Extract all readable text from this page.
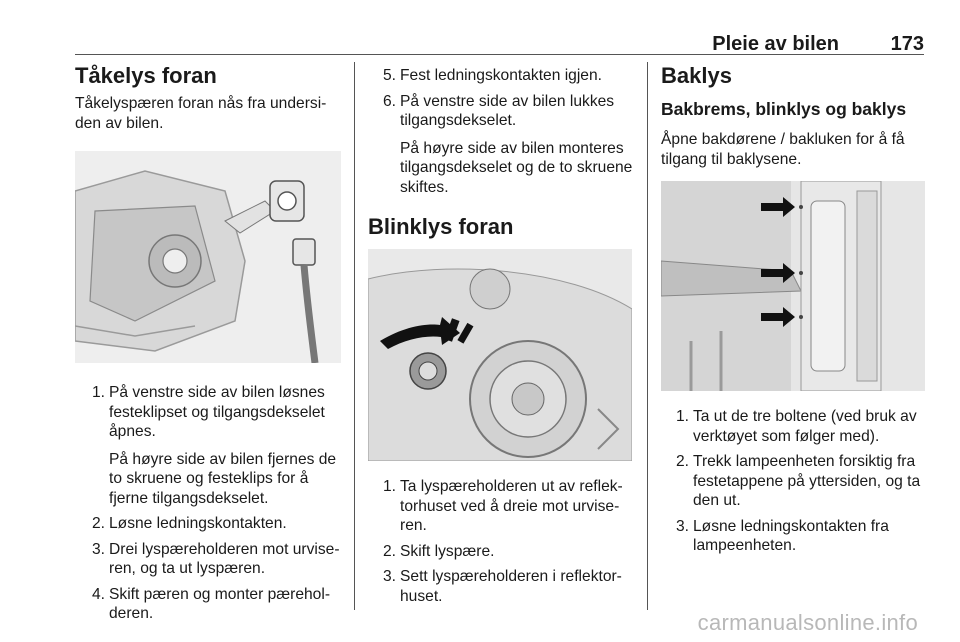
Pleie av bilen	173
Tåkelys foran

Tåkelyspæren foran nås fra undersi-den av bilen.

1. På venstre side av bilen løsnes festeklipset og tilgangsdekselet åpnes.

På høyre side av bilen fjernes de to skruene og festeklips for å fjerne tilgangsdekselet.

2. Løsne ledningskontakten.

3. Drei lyspæreholderen mot urvise-ren, og ta ut lyspæren.

4. Skift pæren og monter pærehol-deren.

5. Fest ledningskontakten igjen.

6. På venstre side av bilen lukkes tilgangsdekselet.

På høyre side av bilen monteres tilgangsdekselet og de to skruene skiftes.

Blinklys foran
1. Ta lyspæreholderen ut av reflek-torhuset ved å dreie mot urvise-ren.

2. Skift lyspære.

3. Sett lyspæreholderen i reflektor-huset.

Baklys
Bakbrems, blinklys og baklys

Åpne bakdørene / bakluken for å få tilgang til baklysene.

1. Ta ut de tre boltene (ved bruk av verktøyet som følger med).

2. Trekk lampeenheten forsiktig fra festetappene på yttersiden, og ta den ut.

3. Løsne ledningskontakten fra lampeenheten.

carmanualsonline.info
